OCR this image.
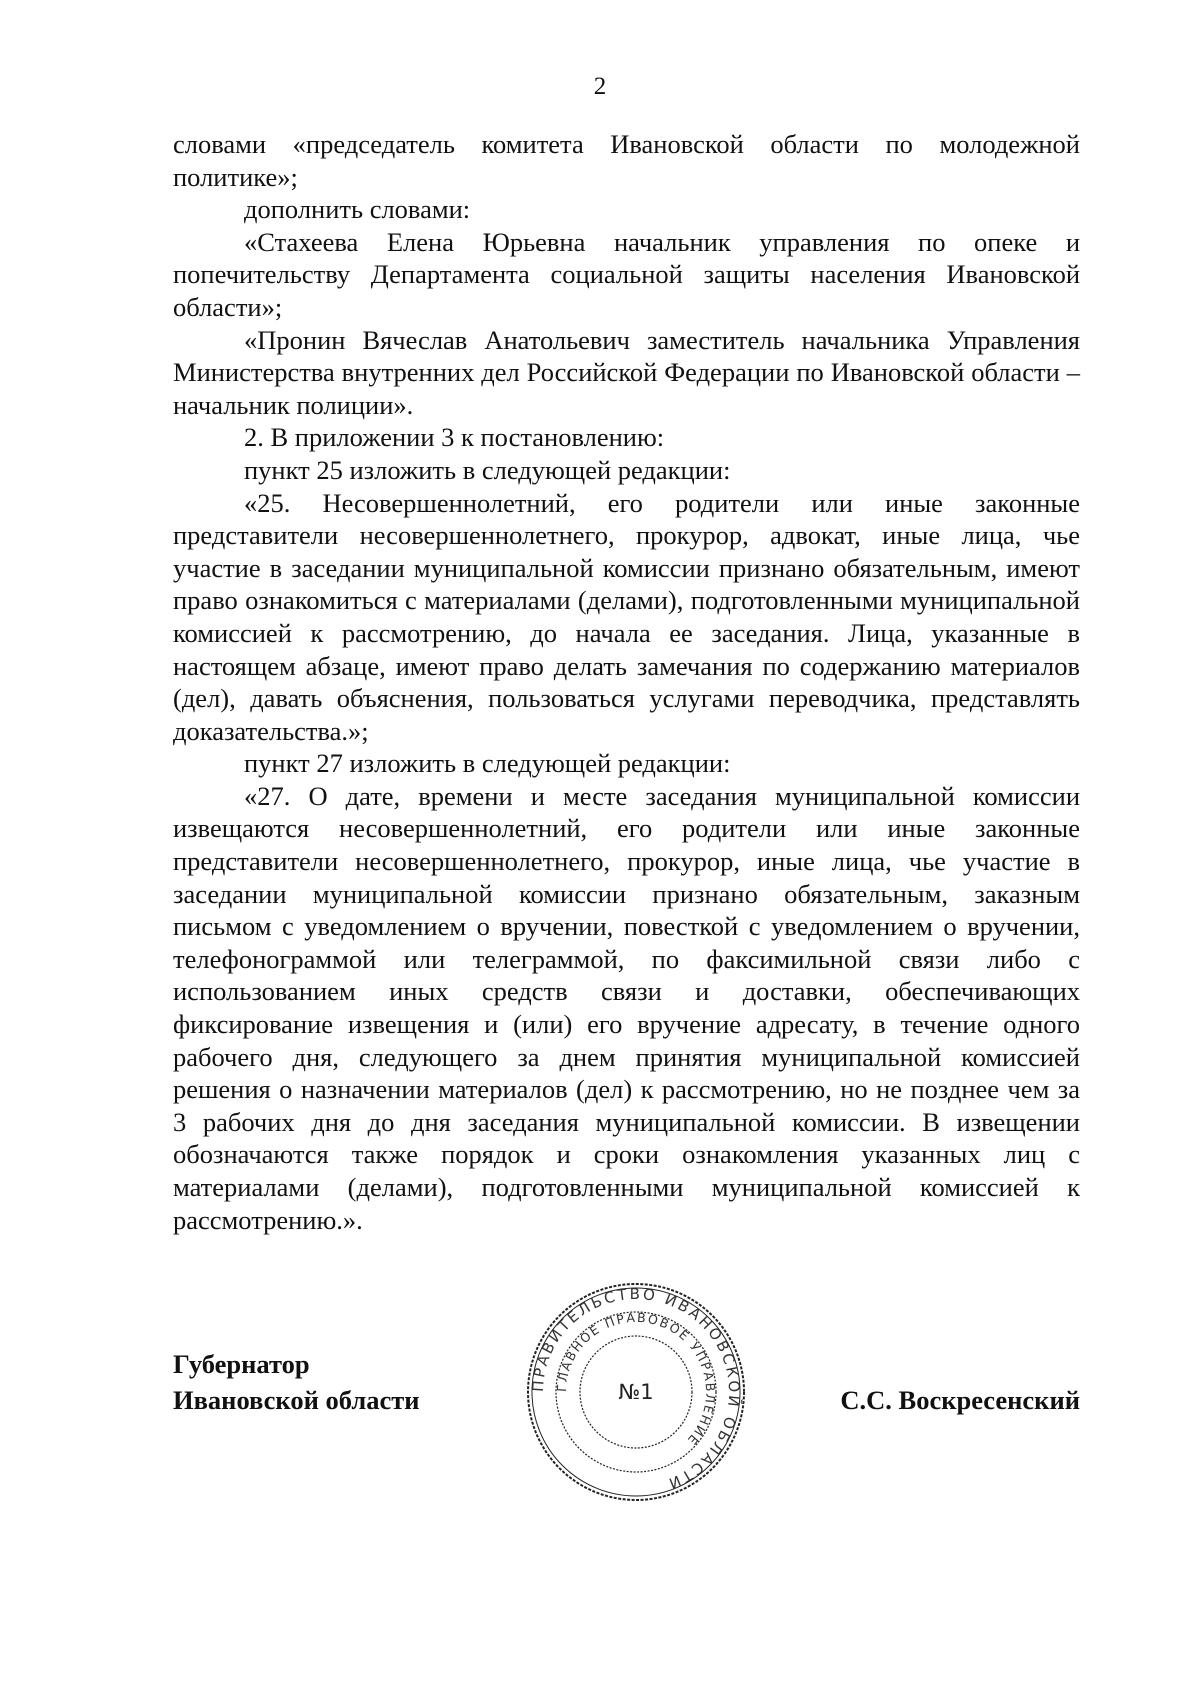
2

словами «председатель комитета Ивановской области по молодежной политике»;

дополнить словами:

«Стахеева Елена Юрьевна начальник управления по опеке и попечительству Департамента социальной защиты населения Ивановской области»;

«Пронин Вячеслав Анатольевич заместитель начальника Управления Министерства внутренних дел Российской Федерации по Ивановской области – начальник полиции».

2. В приложении 3 к постановлению:

пункт 25 изложить в следующей редакции:

«25. Несовершеннолетний, его родители или иные законные представители несовершеннолетнего, прокурор, адвокат, иные лица, чье участие в заседании муниципальной комиссии признано обязательным, имеют право ознакомиться с материалами (делами), подготовленными муниципальной комиссией к рассмотрению, до начала ее заседания. Лица, указанные в настоящем абзаце, имеют право делать замечания по содержанию материалов (дел), давать объяснения, пользоваться услугами переводчика, представлять доказательства.»;

пункт 27 изложить в следующей редакции:

«27. О дате, времени и месте заседания муниципальной комиссии извещаются несовершеннолетний, его родители или иные законные представители несовершеннолетнего, прокурор, иные лица, чье участие в заседании муниципальной комиссии признано обязательным, заказным письмом с уведомлением о вручении, повесткой с уведомлением о вручении, телефонограммой или телеграммой, по факсимильной связи либо с использованием иных средств связи и доставки, обеспечивающих фиксирование извещения и (или) его вручение адресату, в течение одного рабочего дня, следующего за днем принятия муниципальной комиссией решения о назначении материалов (дел) к рассмотрению, но не позднее чем за 3 рабочих дня до дня заседания муниципальной комиссии. В извещении обозначаются также порядок и сроки ознакомления указанных лиц с материалами (делами), подготовленными муниципальной комиссией к рассмотрению.».

Губернатор
Ивановской области	С.С. Воскресенский
ПРАВИТЕЛЬСТВО ИВАНОВСКОЙ ОБЛАСТИ
ГЛАВНОЕ ПРАВОВОЕ УПРАВЛЕНИЕ
№1
